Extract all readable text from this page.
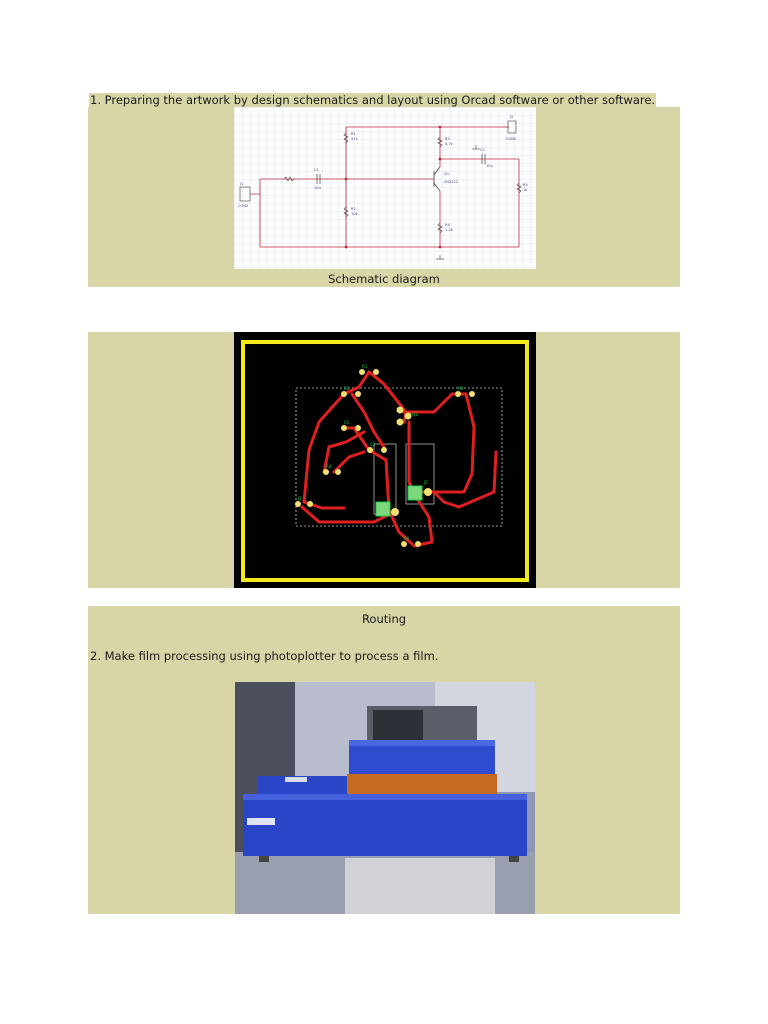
1. Preparing the artwork by design schematics and layout using Orcad software or other software.
R1
47k
R2
10k
R3
4.7k
R4
1.2k
R5
1k
C1
10u
C2
10u
Q1
2N2222
J1
CON2
J2
CON2
Schematic diagram
R1
R2	R3
R4
R5
C1
C2
Q1
J1
J2
Routing
2. Make film processing using photoplotter to process a film.
